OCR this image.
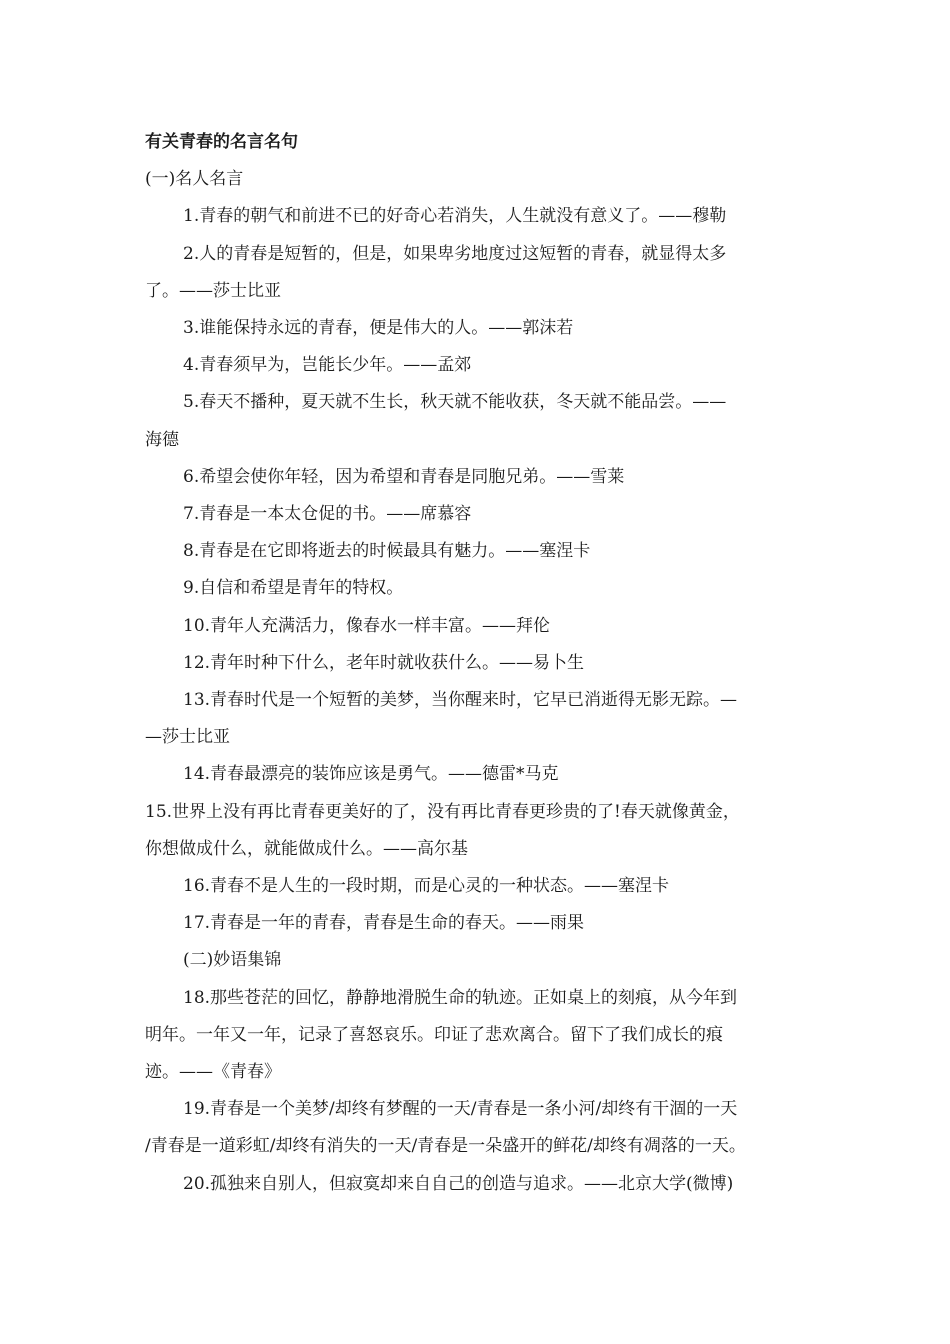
有关青春的名言名句

(一)名人名言

1.青春的朝气和前进不已的好奇心若消失，人生就没有意义了。——穆勒

2.人的青春是短暂的，但是，如果卑劣地度过这短暂的青春，就显得太多

了。——莎士比亚

3.谁能保持永远的青春，便是伟大的人。——郭沫若

4.青春须早为，岂能长少年。——孟郊

5.春天不播种，夏天就不生长，秋天就不能收获，冬天就不能品尝。——

海德

6.希望会使你年轻，因为希望和青春是同胞兄弟。——雪莱

7.青春是一本太仓促的书。——席慕容

8.青春是在它即将逝去的时候最具有魅力。——塞涅卡

9.自信和希望是青年的特权。

10.青年人充满活力，像春水一样丰富。——拜伦

12.青年时种下什么，老年时就收获什么。——易卜生

13.青春时代是一个短暂的美梦，当你醒来时，它早已消逝得无影无踪。—

—莎士比亚

14.青春最漂亮的装饰应该是勇气。——德雷*马克

15.世界上没有再比青春更美好的了，没有再比青春更珍贵的了!春天就像黄金，

你想做成什么，就能做成什么。——高尔基

16.青春不是人生的一段时期，而是心灵的一种状态。——塞涅卡

17.青春是一年的青春，青春是生命的春天。——雨果

(二)妙语集锦

18.那些苍茫的回忆，静静地滑脱生命的轨迹。正如桌上的刻痕，从今年到

明年。一年又一年，记录了喜怒哀乐。印证了悲欢离合。留下了我们成长的痕

迹。——《青春》

19.青春是一个美梦/却终有梦醒的一天/青春是一条小河/却终有干涸的一天

/青春是一道彩虹/却终有消失的一天/青春是一朵盛开的鲜花/却终有凋落的一天。

20.孤独来自别人，但寂寞却来自自己的创造与追求。——北京大学(微博)
